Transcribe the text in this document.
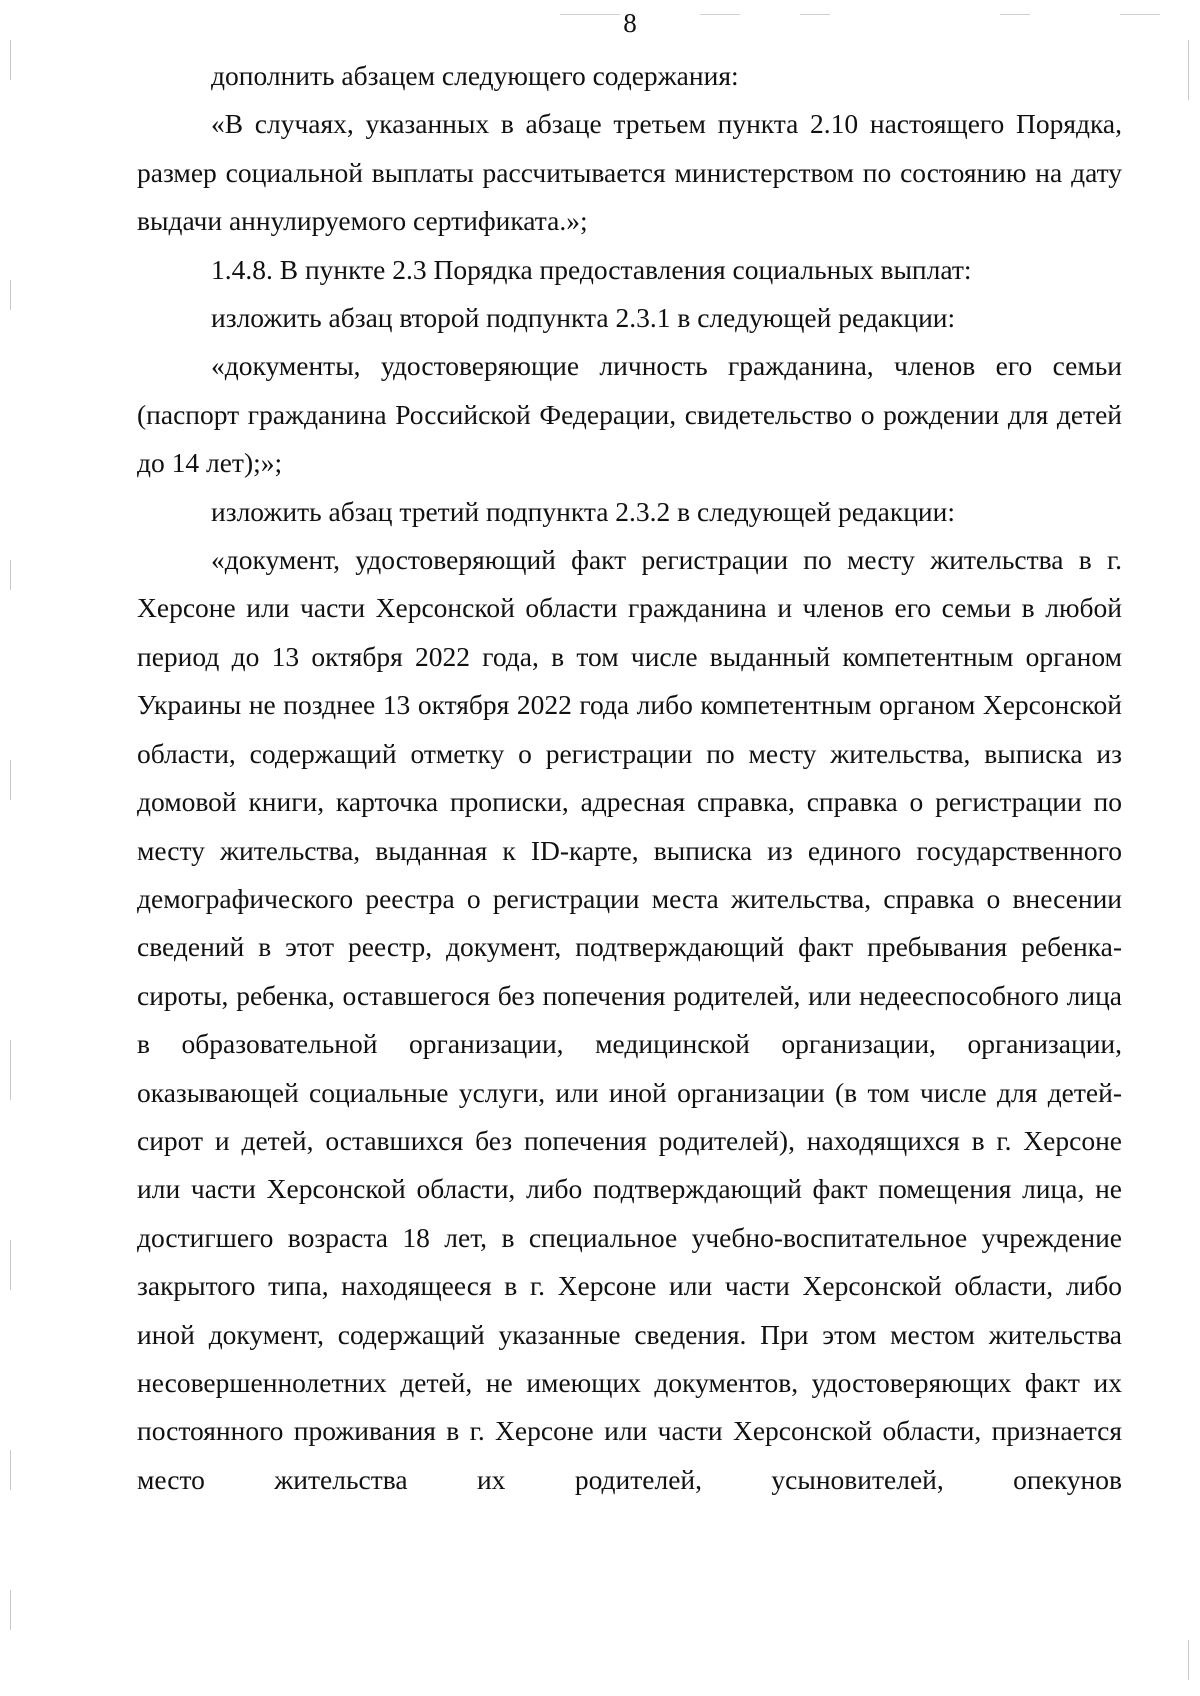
8

дополнить абзацем следующего содержания:

«В случаях, указанных в абзаце третьем пункта 2.10 настоящего Порядка, размер социальной выплаты рассчитывается министерством по состоянию на дату выдачи аннулируемого сертификата.»;

1.4.8. В пункте 2.3 Порядка предоставления социальных выплат:

изложить абзац второй подпункта 2.3.1 в следующей редакции:

«документы, удостоверяющие личность гражданина, членов его семьи (паспорт гражданина Российской Федерации, свидетельство о рождении для детей до 14 лет);»;

изложить абзац третий подпункта 2.3.2 в следующей редакции:

«документ, удостоверяющий факт регистрации по месту жительства в г. Херсоне или части Херсонской области гражданина и членов его семьи в любой период до 13 октября 2022 года, в том числе выданный компетентным органом Украины не позднее 13 октября 2022 года либо компетентным органом Херсонской области, содержащий отметку о регистрации по месту жительства, выписка из домовой книги, карточка прописки, адресная справка, справка о регистрации по месту жительства, выданная к ID-карте, выписка из единого государственного демографического реестра о регистрации места жительства, справка о внесении сведений в этот реестр, документ, подтверждающий факт пребывания ребенка-сироты, ребенка, оставшегося без попечения родителей, или недееспособного лица в образовательной организации, медицинской организации, организации, оказывающей социальные услуги, или иной организации (в том числе для детей-сирот и детей, оставшихся без попечения родителей), находящихся в г. Херсоне или части Херсонской области, либо подтверждающий факт помещения лица, не достигшего возраста 18 лет, в специальное учебно-воспитательное учреждение закрытого типа, находящееся в г. Херсоне или части Херсонской области, либо иной документ, содержащий указанные сведения. При этом местом жительства несовершеннолетних детей, не имеющих документов, удостоверяющих факт их постоянного проживания в г. Херсоне или части Херсонской области, признается место жительства их родителей, усыновителей, опекунов
